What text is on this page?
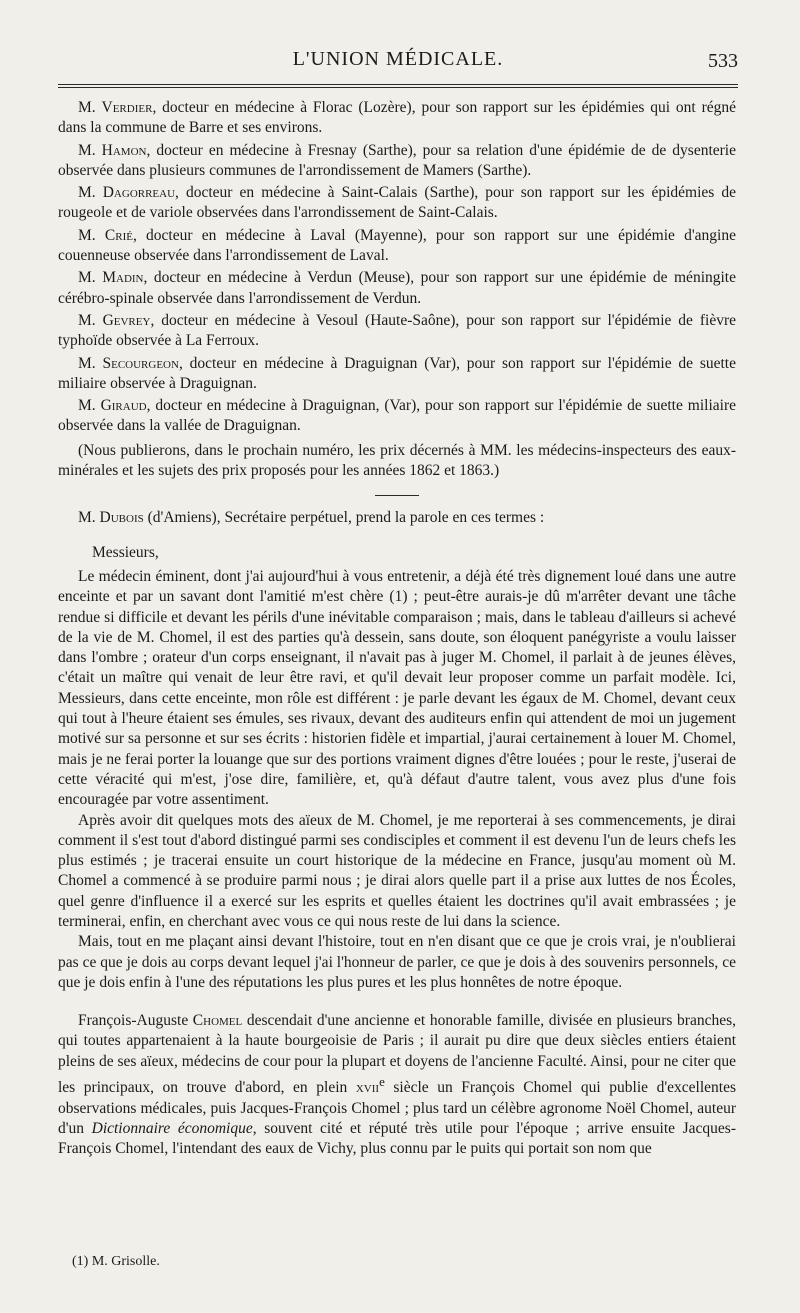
L'UNION MÉDICALE.	533

M. Verdier, docteur en médecine à Florac (Lozère), pour son rapport sur les épidémies qui ont régné dans la commune de Barre et ses environs.

M. Hamon, docteur en médecine à Fresnay (Sarthe), pour sa relation d'une épidémie de de dysenterie observée dans plusieurs communes de l'arrondissement de Mamers (Sarthe).

M. Dagorreau, docteur en médecine à Saint-Calais (Sarthe), pour son rapport sur les épidémies de rougeole et de variole observées dans l'arrondissement de Saint-Calais.

M. Crié, docteur en médecine à Laval (Mayenne), pour son rapport sur une épidémie d'angine couenneuse observée dans l'arrondissement de Laval.

M. Madin, docteur en médecine à Verdun (Meuse), pour son rapport sur une épidémie de méningite cérébro-spinale observée dans l'arrondissement de Verdun.

M. Gevrey, docteur en médecine à Vesoul (Haute-Saône), pour son rapport sur l'épidémie de fièvre typhoïde observée à La Ferroux.

M. Secourgeon, docteur en médecine à Draguignan (Var), pour son rapport sur l'épidémie de suette miliaire observée à Draguignan.

M. Giraud, docteur en médecine à Draguignan, (Var), pour son rapport sur l'épidémie de suette miliaire observée dans la vallée de Draguignan.

(Nous publierons, dans le prochain numéro, les prix décernés à MM. les médecins-inspecteurs des eaux-minérales et les sujets des prix proposés pour les années 1862 et 1863.)

M. Dubois (d'Amiens), Secrétaire perpétuel, prend la parole en ces termes :

Messieurs,

Le médecin éminent, dont j'ai aujourd'hui à vous entretenir, a déjà été très dignement loué dans une autre enceinte et par un savant dont l'amitié m'est chère (1) ; peut-être aurais-je dû m'arrêter devant une tâche rendue si difficile et devant les périls d'une inévitable comparaison ; mais, dans le tableau d'ailleurs si achevé de la vie de M. Chomel, il est des parties qu'à dessein, sans doute, son éloquent panégyriste a voulu laisser dans l'ombre ; orateur d'un corps enseignant, il n'avait pas à juger M. Chomel, il parlait à de jeunes élèves, c'était un maître qui venait de leur être ravi, et qu'il devait leur proposer comme un parfait modèle. Ici, Messieurs, dans cette enceinte, mon rôle est différent : je parle devant les égaux de M. Chomel, devant ceux qui tout à l'heure étaient ses émules, ses rivaux, devant des auditeurs enfin qui attendent de moi un jugement motivé sur sa personne et sur ses écrits : historien fidèle et impartial, j'aurai certainement à louer M. Chomel, mais je ne ferai porter la louange que sur des portions vraiment dignes d'être louées ; pour le reste, j'userai de cette véracité qui m'est, j'ose dire, familière, et, qu'à défaut d'autre talent, vous avez plus d'une fois encouragée par votre assentiment.

Après avoir dit quelques mots des aïeux de M. Chomel, je me reporterai à ses commencements, je dirai comment il s'est tout d'abord distingué parmi ses condisciples et comment il est devenu l'un de leurs chefs les plus estimés ; je tracerai ensuite un court historique de la médecine en France, jusqu'au moment où M. Chomel a commencé à se produire parmi nous ; je dirai alors quelle part il a prise aux luttes de nos Écoles, quel genre d'influence il a exercé sur les esprits et quelles étaient les doctrines qu'il avait embrassées ; je terminerai, enfin, en cherchant avec vous ce qui nous reste de lui dans la science.

Mais, tout en me plaçant ainsi devant l'histoire, tout en n'en disant que ce que je crois vrai, je n'oublierai pas ce que je dois au corps devant lequel j'ai l'honneur de parler, ce que je dois à des souvenirs personnels, ce que je dois enfin à l'une des réputations les plus pures et les plus honnêtes de notre époque.

François-Auguste Chomel descendait d'une ancienne et honorable famille, divisée en plusieurs branches, qui toutes appartenaient à la haute bourgeoisie de Paris ; il aurait pu dire que deux siècles entiers étaient pleins de ses aïeux, médecins de cour pour la plupart et doyens de l'ancienne Faculté. Ainsi, pour ne citer que les principaux, on trouve d'abord, en plein xvii$^e$ siècle un François Chomel qui publie d'excellentes observations médicales, puis Jacques-François Chomel ; plus tard un célèbre agronome Noël Chomel, auteur d'un Dictionnaire économique, souvent cité et réputé très utile pour l'époque ; arrive ensuite Jacques-François Chomel, l'intendant des eaux de Vichy, plus connu par le puits qui portait son nom que

(1) M. Grisolle.
